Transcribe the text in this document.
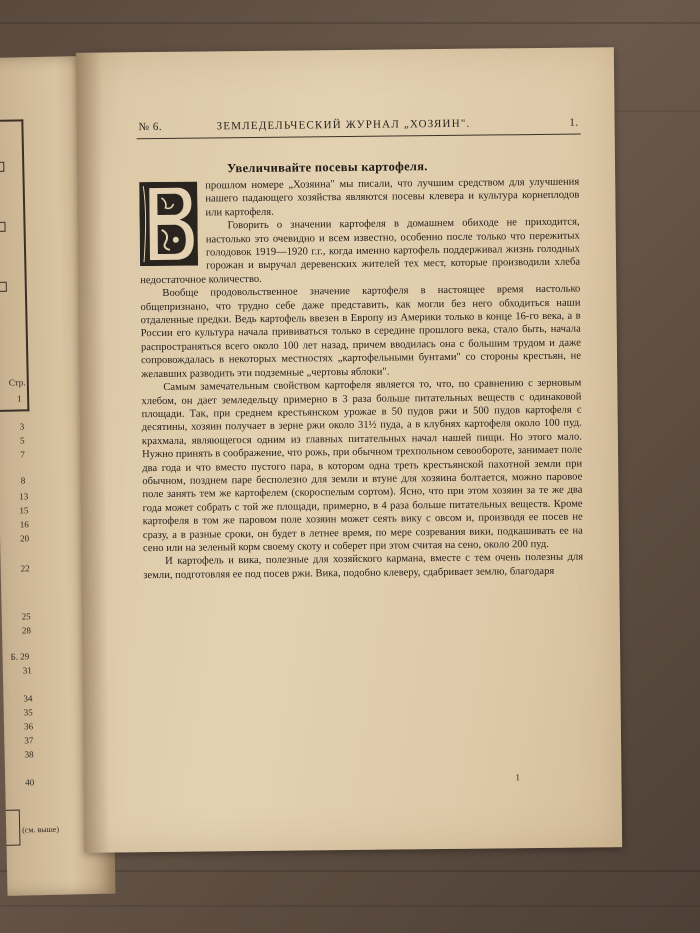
Стр.
1
3
5
7
8
13
15
16
20
22
25
28
Б. 29
31
34
35
36
37
38
40
(см. выше)
№ 6.	ЗЕМЛЕДЕЛЬЧЕСКИЙ ЖУРНАЛ „ХОЗЯИН".	1.
Увеличивайте посевы картофеля.

прошлом номере „Хозяина" мы писали, что лучшим средством для улучшения нашего падающего хозяйства являются посевы клевера и культура корнеплодов или картофеля.

Говорить о значении картофеля в домашнем обиходе не приходится, настолько это очевидно и всем известно, особенно после только что пережитых голодовок 1919—1920 г.г., когда именно картофель поддерживал жизнь голодных горожан и выручал деревенских жителей тех мест, которые производили хлеба недостаточное количество.

Вообще продовольственное значение картофеля в настоящее время настолько общепризнано, что трудно себе даже представить, как могли без него обходиться наши отдаленные предки. Ведь картофель ввезен в Европу из Америки только в конце 16-го века, а в России его культура начала прививаться только в середине прошлого века, стало быть, начала распространяться всего около 100 лет назад, причем вводилась она с большим трудом и даже сопровождалась в некоторых местностях „картофельными бунтами" со стороны крестьян, не желавших разводить эти подземные „чертовы яблоки".

Самым замечательным свойством картофеля является то, что, по сравнению с зерновым хлебом, он дает земледельцу примерно в 3 раза больше питательных веществ с одинаковой площади. Так, при среднем крестьянском урожае в 50 пудов ржи и 500 пудов картофеля с десятины, хозяин получает в зерне ржи около 31½ пуда, а в клубнях картофеля около 100 пуд. крахмала, являющегося одним из главных питательных начал нашей пищи. Но этого мало. Нужно принять в соображение, что рожь, при обычном трехпольном севообороте, занимает поле два года и что вместо пустого пара, в котором одна треть крестьянской пахотной земли при обычном, позднем паре бесполезно для земли и втуне для хозяина болтается, можно паровое поле занять тем же картофелем (скороспелым сортом). Ясно, что при этом хозяин за те же два года может собрать с той же площади, примерно, в 4 раза больше питательных веществ. Кроме картофеля в том же паровом поле хозяин может сеять вику с овсом и, производя ее посев не сразу, а в разные сроки, он будет в летнее время, по мере созревания вики, подкашивать ее на сено или на зеленый корм своему скоту и соберет при этом считая на сено, около 200 пуд.

И картофель и вика, полезные для хозяйского кармана, вместе с тем очень полезны для земли, подготовляя ее под посев ржи. Вика, подобно клеверу, сдабривает землю, благодаря

1
